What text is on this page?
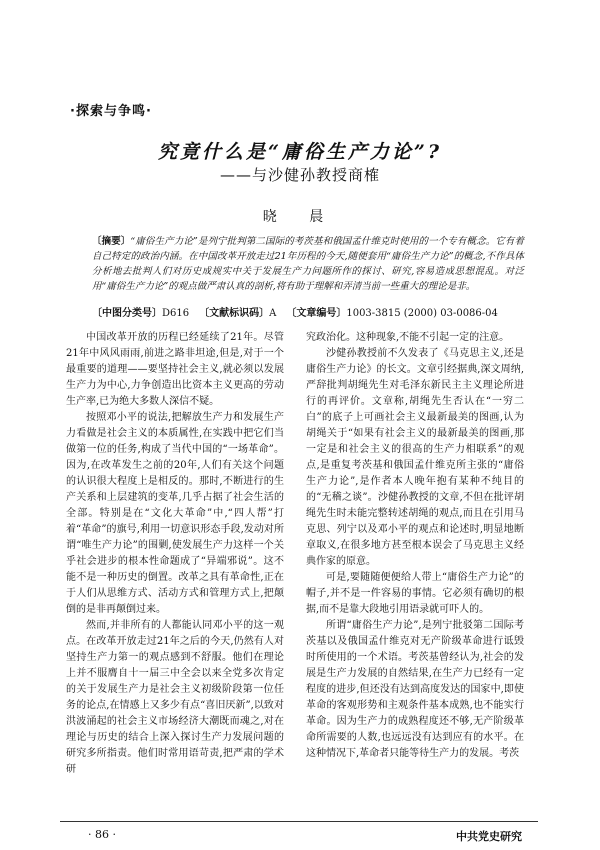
·探索与争鸣·
究竟什么是“庸俗生产力论”?
——与沙健孙教授商榷
晓 晨
〔摘要〕“庸俗生产力论”是列宁批判第二国际的考茨基和俄国孟什维克时使用的一个专有概念。它有着自己特定的政治内涵。在中国改革开放走过21年历程的今天,随便套用“庸俗生产力论”的概念,不作具体分析地去批判人们对历史成规实中关于发展生产力问题所作的探讨、研究,容易造成思想混乱。对泛用“庸俗生产力论”的观点做严肃认真的剖析,将有助于理解和弄清当前一些重大的理论是非。
〔中图分类号〕D616 〔文献标识码〕A 〔文章编号〕1003-3815 (2000) 03-0086-04

中国改革开放的历程已经延续了21年。尽管21年中风风雨雨,前进之路非坦途,但是,对于一个最重要的道理——要坚持社会主义,就必须以发展生产力为中心,力争创造出比资本主义更高的劳动生产率,已为绝大多数人深信不疑。

按照邓小平的说法,把解放生产力和发展生产力看做是社会主义的本质属性,在实践中把它们当做第一位的任务,构成了当代中国的“一场革命”。因为,在改革发生之前的20年,人们有关这个问题的认识很大程度上是相反的。那时,不断进行的生产关系和上层建筑的变革,几乎占据了社会生活的全部。特别是在“文化大革命”中,“四人帮”打着“革命”的旗号,利用一切意识形态手段,发动对所谓“唯生产力论”的围剿,使发展生产力这样一个关乎社会进步的根本性命题成了“异端邪说”。这不能不是一种历史的倒置。改革之具有革命性,正在于人们从思维方式、活动方式和管理方式上,把颠倒的是非再颠倒过来。

然而,并非所有的人都能认同邓小平的这一观点。在改革开放走过21年之后的今天,仍然有人对坚持生产力第一的观点感到不舒服。他们在理论上并不服膺自十一届三中全会以来全党多次肯定的关于发展生产力是社会主义初级阶段第一位任务的论点,在情感上又多少有点“喜旧厌新”,以致对洪波涌起的社会主义市场经济大潮既而魂之,对在理论与历史的结合上深入探讨生产力发展问题的研究多所指责。他们时常用语苛责,把严肃的学术研

究政治化。这种现象,不能不引起一定的注意。

沙健孙教授前不久发表了《马克思主义,还是庸俗生产力论》的长文。文章引经据典,深文周纳,严辞批判胡绳先生对毛泽东新民主主义理论所进行的再评价。文章称,胡绳先生否认在“一穷二白”的底子上可画社会主义最新最美的图画,认为胡绳关于“如果有社会主义的最新最美的图画,那一定是和社会主义的很高的生产力相联系”的观点,是重复考茨基和俄国孟什维克所主张的“庸俗生产力论”,是作者本人晚年抱有某种不纯目的的“无稽之谈”。沙健孙教授的文章,不但在批评胡绳先生时未能完整转述胡绳的观点,而且在引用马克思、列宁以及邓小平的观点和论述时,明显地断章取义,在很多地方甚至根本误会了马克思主义经典作家的原意。

可是,要随随便便给人带上“庸俗生产力论”的帽子,并不是一件容易的事情。它必须有确切的根据,而不是靠大段地引用语录就可吓人的。

所谓“庸俗生产力论”,是列宁批驳第二国际考茨基以及俄国孟什维克对无产阶级革命进行诋毁时所使用的一个术语。考茨基曾经认为,社会的发展是生产力发展的自然结果,在生产力已经有一定程度的进步,但还没有达到高度发达的国家中,即使革命的客观形势和主观条件基本成熟,也不能实行革命。因为生产力的成熟程度还不够,无产阶级革命所需要的人数,也远远没有达到应有的水平。在这种情况下,革命者只能等待生产力的发展。考茨

· 86 ·	中共党史研究
